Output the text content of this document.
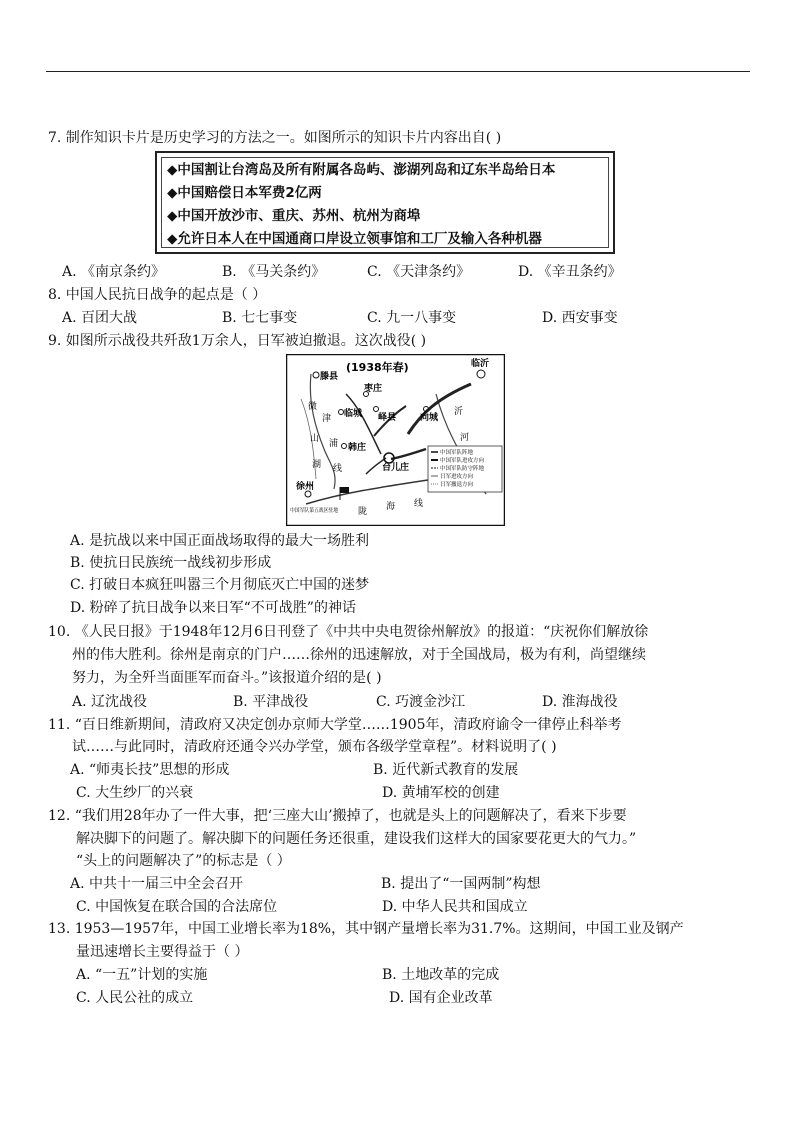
7. 制作知识卡片是历史学习的方法之一。如图所示的知识卡片内容出自( )
◆中国割让台湾岛及所有附属各岛屿、澎湖列岛和辽东半岛给日本
◆中国赔偿日本军费2亿两
◆中国开放沙市、重庆、苏州、杭州为商埠
◆允许日本人在中国通商口岸设立领事馆和工厂及输入各种机器
A. 《南京条约》	B. 《马关条约》	C. 《天津条约》	D. 《辛丑条约》
8. 中国人民抗日战争的起点是（ ）
A. 百团大战	B. 七七事变	C. 九一八事变	D. 西安事变
9. 如图所示战役共歼敌1万余人，日军被迫撤退。这次战役( )
(1938年春)
滕县
枣庄
临沂
临城 峄县	向城
韩庄
台儿庄
徐州
微
山
湖
津
浦
线
沂
河
陇 海 线
中国军队阵地
中国军队进攻方向
中国军队防守阵地
日军进攻方向
日军撤退方向
中国军队第五战区驻地
A. 是抗战以来中国正面战场取得的最大一场胜利
B. 使抗日民族统一战线初步形成
C. 打破日本疯狂叫嚣三个月彻底灭亡中国的迷梦
D. 粉碎了抗日战争以来日军“不可战胜”的神话
10. 《人民日报》于1948年12月6日刊登了《中共中央电贺徐州解放》的报道：“庆祝你们解放徐
州的伟大胜利。徐州是南京的门户……徐州的迅速解放，对于全国战局，极为有利，尚望继续
努力，为全歼当面匪军而奋斗。”该报道介绍的是( )
A. 辽沈战役	B. 平津战役	C. 巧渡金沙江	D. 淮海战役
11. “百日维新期间，清政府又决定创办京师大学堂……1905年，清政府谕令一律停止科举考
试……与此同时，清政府还通令兴办学堂，颁布各级学堂章程”。材料说明了( )
A. “师夷长技”思想的形成	B. 近代新式教育的发展
C. 大生纱厂的兴衰	D. 黄埔军校的创建
12. “我们用28年办了一件大事，把‘三座大山’搬掉了，也就是头上的问题解决了，看来下步要
解决脚下的问题了。解决脚下的问题任务还很重，建设我们这样大的国家要花更大的气力。”
“头上的问题解决了”的标志是（ ）
A. 中共十一届三中全会召开	B. 提出了“一国两制”构想
C. 中国恢复在联合国的合法席位	D. 中华人民共和国成立
13. 1953—1957年，中国工业增长率为18%，其中钢产量增长率为31.7%。这期间，中国工业及钢产
量迅速增长主要得益于（ ）
A. “一五”计划的实施	B. 土地改革的完成
C. 人民公社的成立	D. 国有企业改革
